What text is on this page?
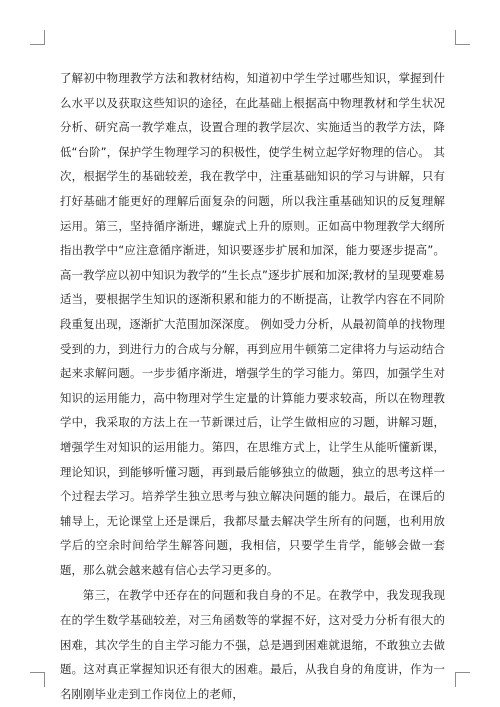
了解初中物理教学方法和教材结构，知道初中学生学过哪些知识，掌握到什么水平以及获取这些知识的途径，在此基础上根据高中物理教材和学生状况分析、研究高一教学难点，设置合理的教学层次、实施适当的教学方法，降低“台阶”，保护学生物理学习的积极性，使学生树立起学好物理的信心。 其次，根据学生的基础较差，我在教学中，注重基础知识的学习与讲解，只有打好基础才能更好的理解后面复杂的问题，所以我注重基础知识的反复理解运用。第三，坚持循序渐进，螺旋式上升的原则。正如高中物理教学大纲所指出教学中“应注意循序渐进，知识要逐步扩展和加深，能力要逐步提高”。高一教学应以初中知识为教学的”生长点”逐步扩展和加深;教材的呈现要难易适当，要根据学生知识的逐渐积累和能力的不断提高，让教学内容在不同阶段重复出现，逐渐扩大范围加深深度。 例如受力分析，从最初简单的找物理受到的力，到进行力的合成与分解，再到应用牛顿第二定律将力与运动结合起来求解问题。一步步循序渐进，增强学生的学习能力。第四，加强学生对知识的运用能力，高中物理对学生定量的计算能力要求较高，所以在物理教学中，我采取的方法上在一节新课过后，让学生做相应的习题，讲解习题，增强学生对知识的运用能力。第四，在思维方式上，让学生从能听懂新课，理论知识，到能够听懂习题，再到最后能够独立的做题，独立的思考这样一个过程去学习。培养学生独立思考与独立解决问题的能力。最后，在课后的辅导上，无论课堂上还是课后，我都尽量去解决学生所有的问题，也利用放学后的空余时间给学生解答问题，我相信，只要学生肯学，能够会做一套题，那么就会越来越有信心去学习更多的。

第三，在教学中还存在的问题和我自身的不足。在教学中，我发现我现在的学生数学基础较差，对三角函数等的掌握不好，这对受力分析有很大的困难，其次学生的自主学习能力不强，总是遇到困难就退缩，不敢独立去做题。这对真正掌握知识还有很大的困难。最后，从我自身的角度讲，作为一名刚刚毕业走到工作岗位上的老师，
